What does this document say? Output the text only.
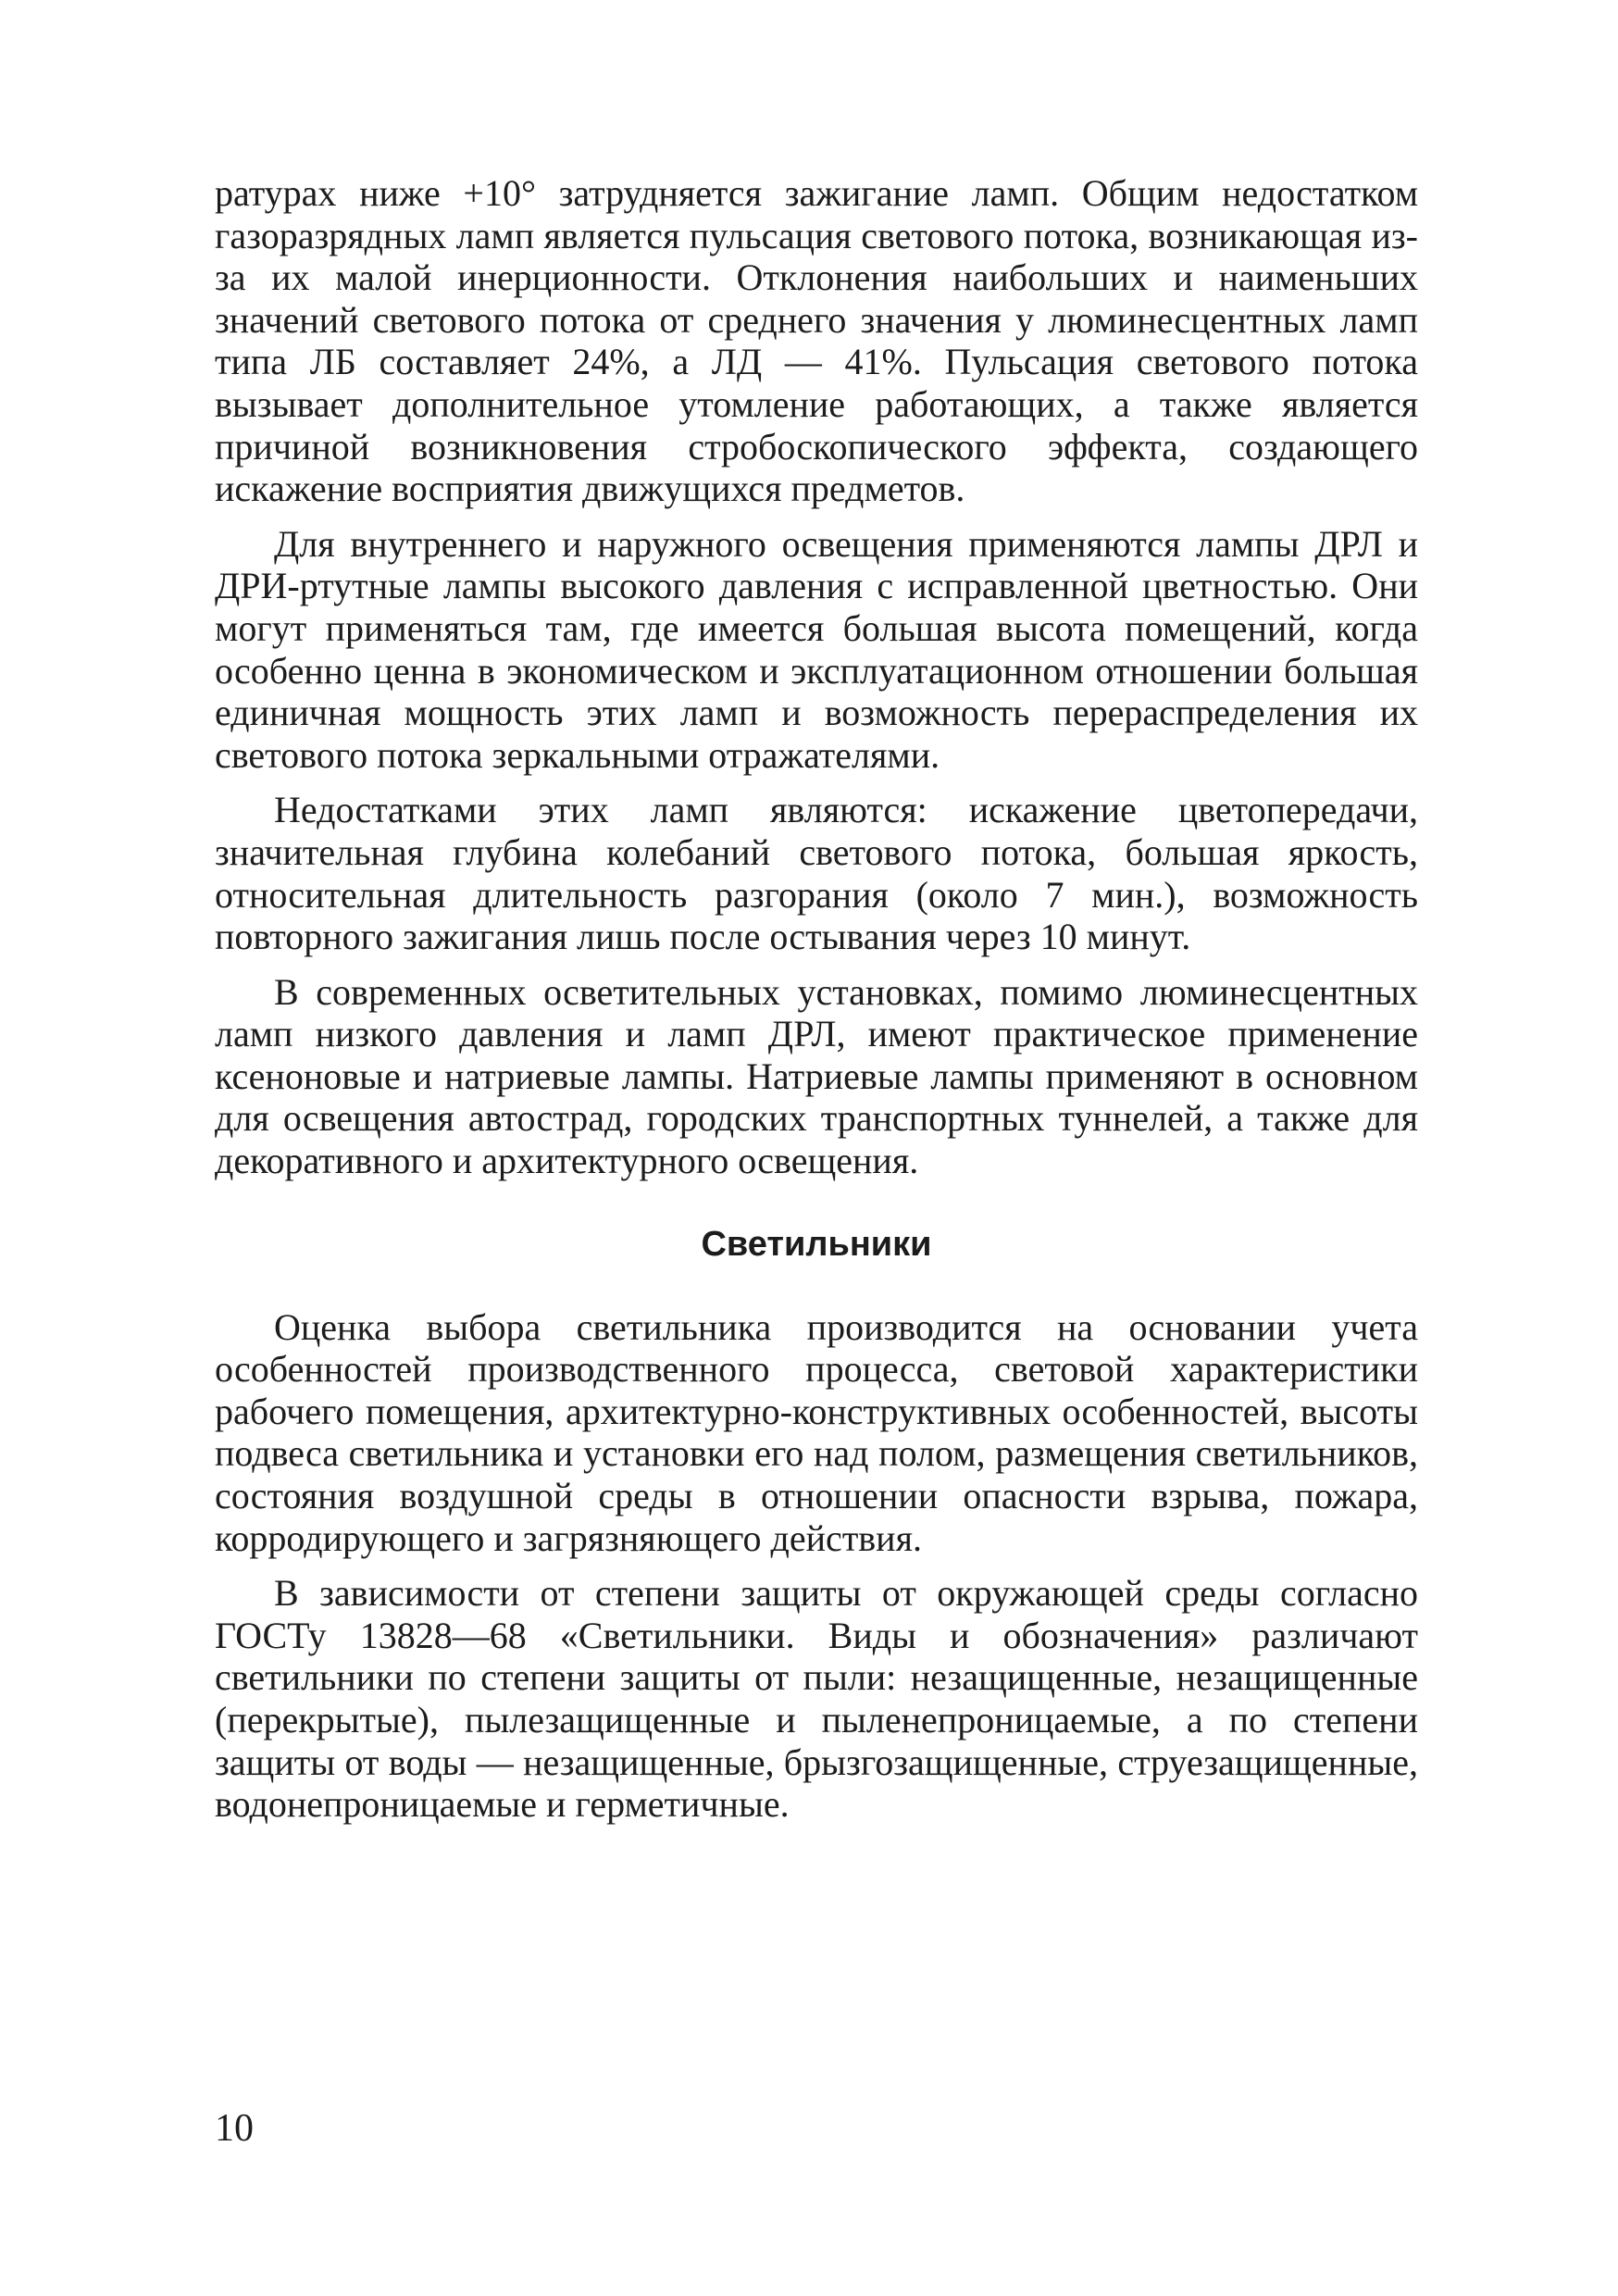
ратурах ниже +10° затрудняется зажигание ламп. Общим недостатком газоразрядных ламп является пульсация светового потока, возникающая из-за их малой инерционности. Отклонения наибольших и наименьших значений светового потока от среднего значения у люминесцентных ламп типа ЛБ составляет 24%, а ЛД — 41%. Пульсация светового потока вызывает дополнительное утомление работающих, а также является причиной возникновения стробоскопического эффекта, создающего искажение восприятия движущихся предметов.

Для внутреннего и наружного освещения применяются лампы ДРЛ и ДРИ-ртутные лампы высокого давления с исправленной цветностью. Они могут применяться там, где имеется большая высота помещений, когда особенно ценна в экономическом и эксплуатационном отношении большая единичная мощность этих ламп и возможность перераспределения их светового потока зеркальными отражателями.

Недостатками этих ламп являются: искажение цветопередачи, значительная глубина колебаний светового потока, большая яркость, относительная длительность разгорания (около 7 мин.), возможность повторного зажигания лишь после остывания через 10 минут.

В современных осветительных установках, помимо люминесцентных ламп низкого давления и ламп ДРЛ, имеют практическое применение ксеноновые и натриевые лампы. Натриевые лампы применяют в основном для освещения автострад, городских транспортных туннелей, а также для декоративного и архитектурного освещения.

Светильники

Оценка выбора светильника производится на основании учета особенностей производственного процесса, световой характеристики рабочего помещения, архитектурно-конструктивных особенностей, высоты подвеса светильника и установки его над полом, размещения светильников, состояния воздушной среды в отношении опасности взрыва, пожара, корродирующего и загрязняющего действия.

В зависимости от степени защиты от окружающей среды согласно ГОСТу 13828—68 «Светильники. Виды и обозначения» различают светильники по степени защиты от пыли: незащищенные, незащищенные (перекрытые), пылезащищенные и пыленепроницаемые, а по степени защиты от воды — незащищенные, брызгозащищенные, струезащищенные, водонепроницаемые и герметичные.

10
